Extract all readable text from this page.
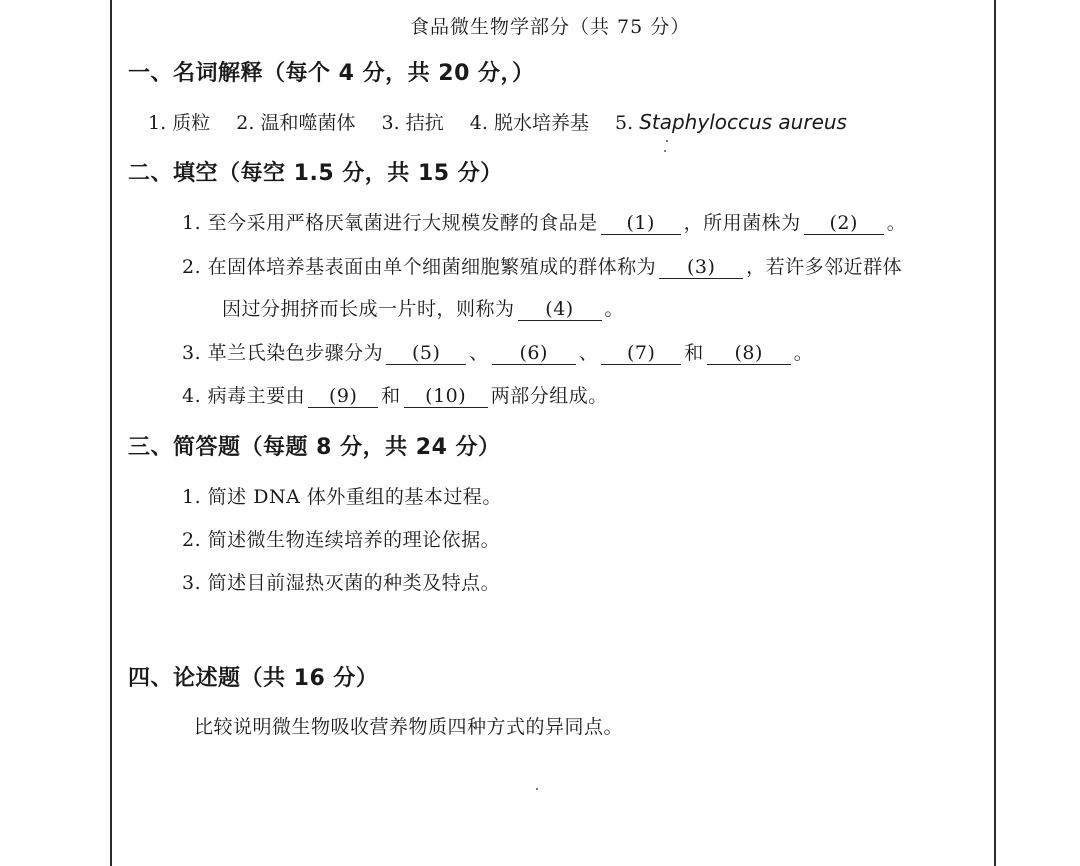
食品微生物学部分（共 75 分）
一、名词解释（每个 4 分，共 20 分，）
1. 质粒 2. 温和噬菌体 3. 拮抗 4. 脱水培养基 5. Staphyloccus aureus
二、填空（每空 1.5 分，共 15 分）
1. 至今采用严格厌氧菌进行大规模发酵的食品是 (1) ，所用菌株为 (2) 。
2. 在固体培养基表面由单个细菌细胞繁殖成的群体称为 (3) ，若许多邻近群体
因过分拥挤而长成一片时，则称为 (4) 。
3. 革兰氏染色步骤分为 (5) 、 (6) 、 (7) 和 (8) 。
4. 病毒主要由 (9) 和 (10) 两部分组成。
三、简答题（每题 8 分，共 24 分）
1. 简述 DNA 体外重组的基本过程。
2. 简述微生物连续培养的理论依据。
3. 简述目前湿热灭菌的种类及特点。
四、论述题（共 16 分）
比较说明微生物吸收营养物质四种方式的异同点。
